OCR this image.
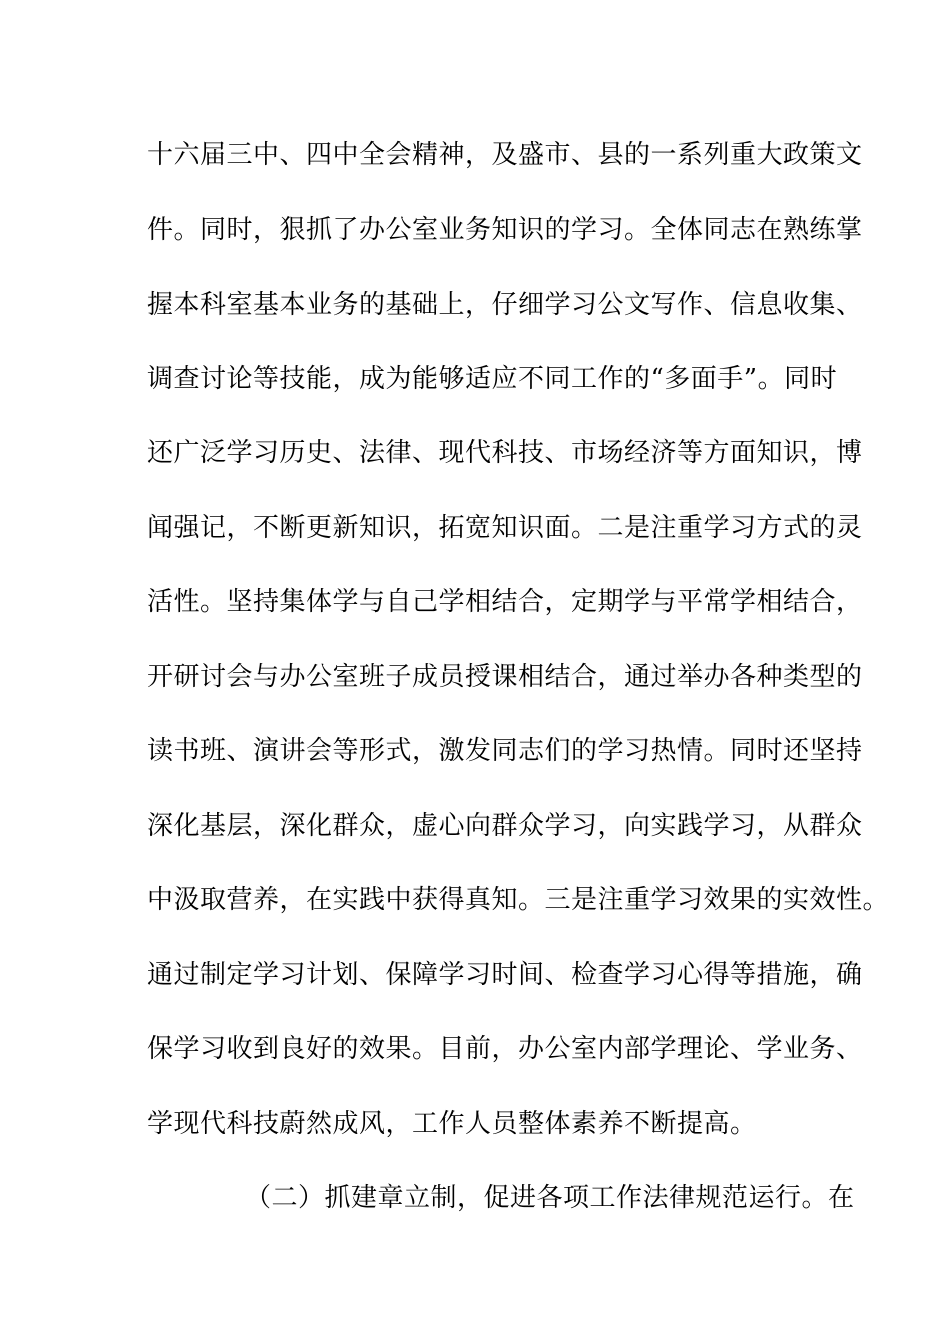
十六届三中、四中全会精神，及盛市、县的一系列重大政策文
件。同时，狠抓了办公室业务知识的学习。全体同志在熟练掌
握本科室基本业务的基础上，仔细学习公文写作、信息收集、
调查讨论等技能，成为能够适应不同工作的“多面手”。同时
还广泛学习历史、法律、现代科技、市场经济等方面知识，博
闻强记，不断更新知识，拓宽知识面。二是注重学习方式的灵
活性。坚持集体学与自己学相结合，定期学与平常学相结合，
开研讨会与办公室班子成员授课相结合，通过举办各种类型的
读书班、演讲会等形式，激发同志们的学习热情。同时还坚持
深化基层，深化群众，虚心向群众学习，向实践学习，从群众
中汲取营养，在实践中获得真知。三是注重学习效果的实效性。
通过制定学习计划、保障学习时间、检查学习心得等措施，确
保学习收到良好的效果。目前，办公室内部学理论、学业务、
学现代科技蔚然成风，工作人员整体素养不断提高。
（二）抓建章立制，促进各项工作法律规范运行。在
